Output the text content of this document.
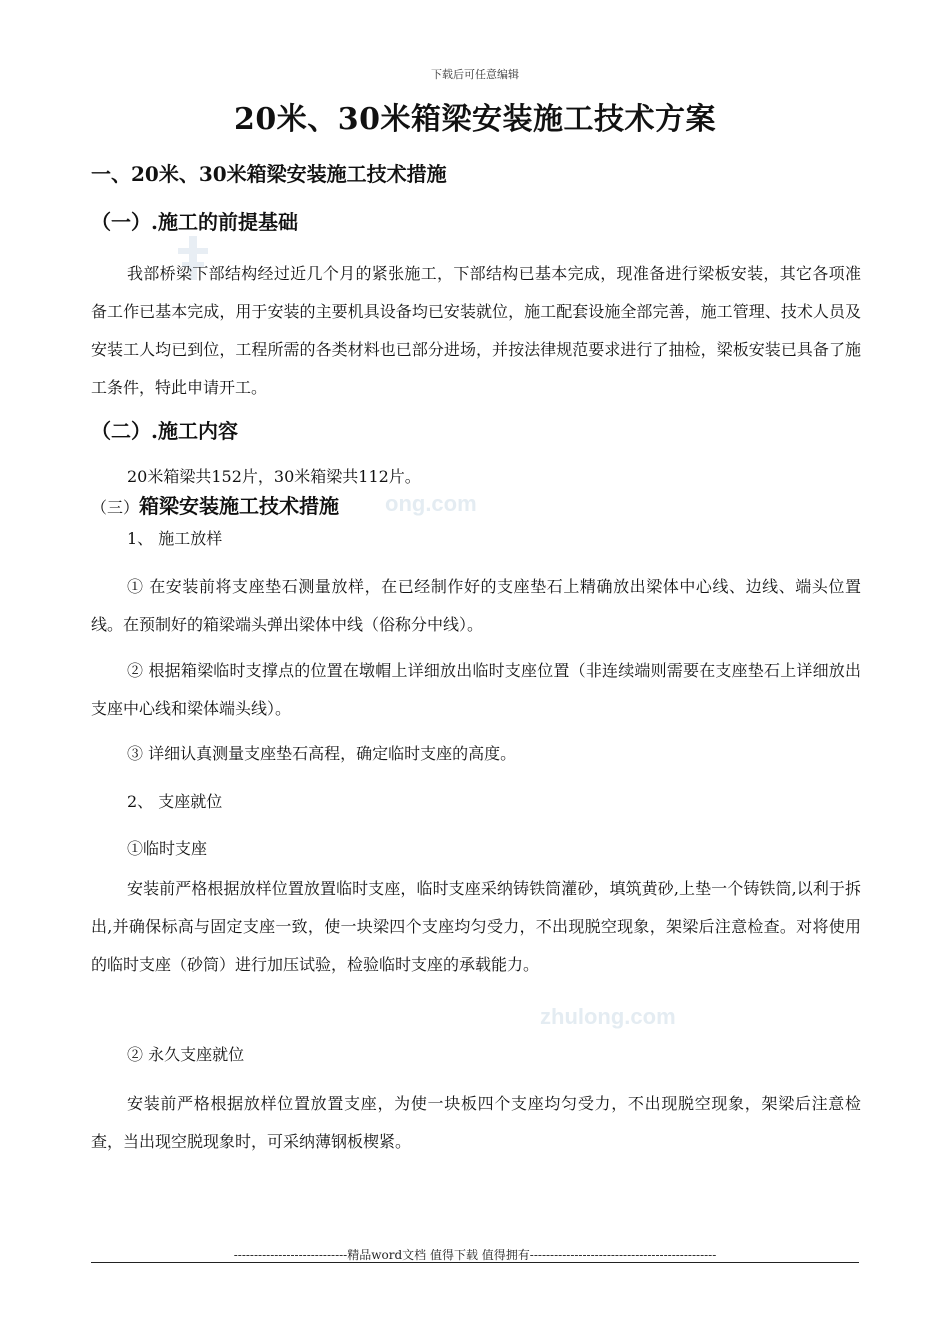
下载后可任意编辑
20米、30米箱梁安装施工技术方案
一、20米、30米箱梁安装施工技术措施
（一）.施工的前提基础
我部桥梁下部结构经过近几个月的紧张施工，下部结构已基本完成，现准备进行梁板安装，其它各项准备工作已基本完成，用于安装的主要机具设备均已安装就位，施工配套设施全部完善，施工管理、技术人员及安装工人均已到位，工程所需的各类材料也已部分进场，并按法律规范要求进行了抽检，梁板安装已具备了施工条件，特此申请开工。
（二）.施工内容
20米箱梁共152片，30米箱梁共112片。
ong.com
（三）箱梁安装施工技术措施
1、 施工放样
① 在安装前将支座垫石测量放样，在已经制作好的支座垫石上精确放出梁体中心线、边线、端头位置线。在预制好的箱梁端头弹出梁体中线（俗称分中线）。
② 根据箱梁临时支撑点的位置在墩帽上详细放出临时支座位置（非连续端则需要在支座垫石上详细放出支座中心线和梁体端头线）。
③ 详细认真测量支座垫石高程，确定临时支座的高度。
2、 支座就位
①临时支座
安装前严格根据放样位置放置临时支座，临时支座采纳铸铁筒灌砂，填筑黄砂,上垫一个铸铁筒,以利于拆出,并确保标高与固定支座一致，使一块梁四个支座均匀受力，不出现脱空现象，架梁后注意检查。对将使用的临时支座（砂筒）进行加压试验，检验临时支座的承载能力。
zhulong.com
② 永久支座就位
安装前严格根据放样位置放置支座，为使一块板四个支座均匀受力，不出现脱空现象，架梁后注意检查，当出现空脱现象时，可采纳薄钢板楔紧。
----------------------------精品word文档 值得下载 值得拥有----------------------------------------------
